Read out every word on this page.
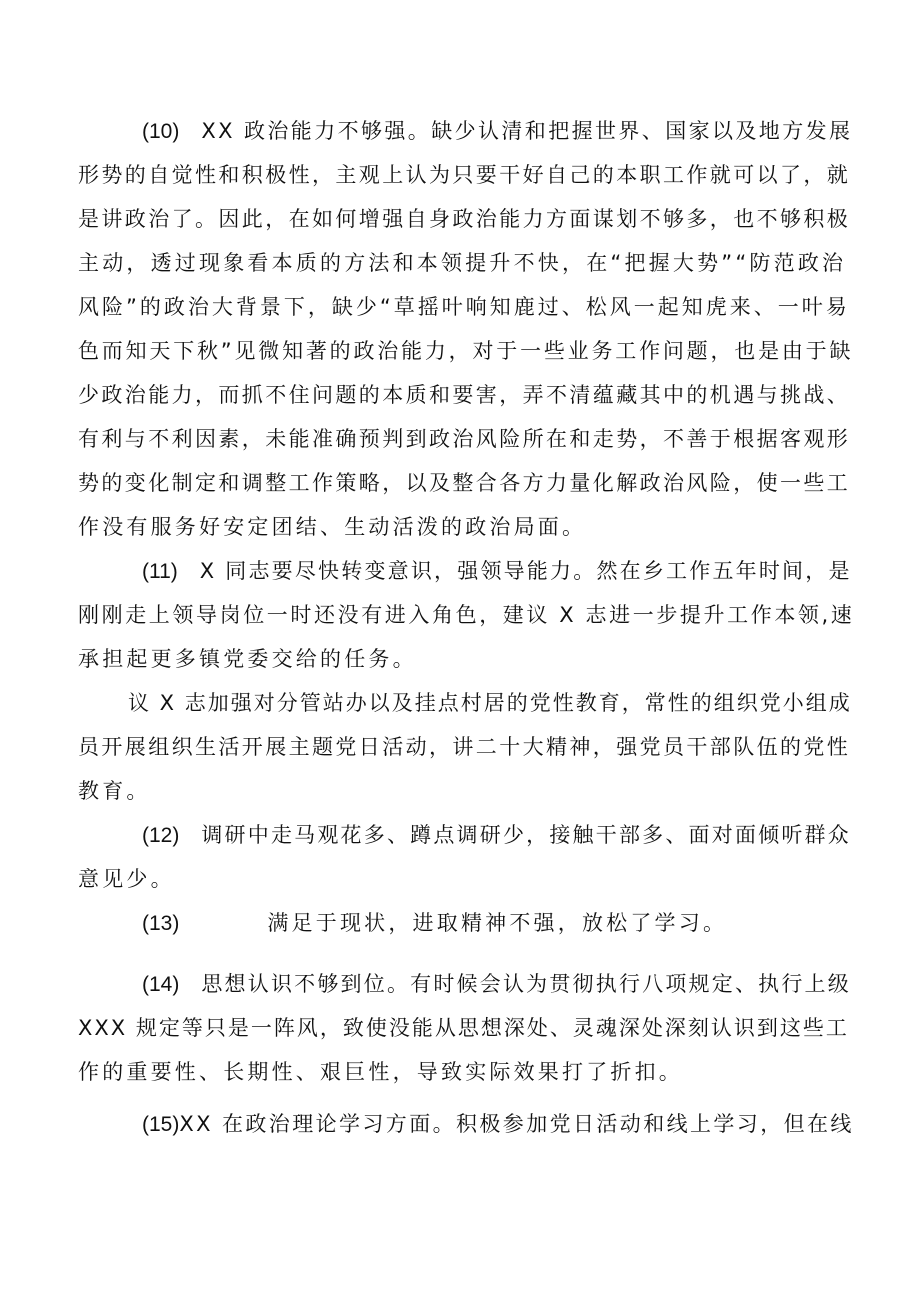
(10) XX 政治能力不够强。缺少认清和把握世界、国家以及地方发展
形势的自觉性和积极性，主观上认为只要干好自己的本职工作就可以了，就
是讲政治了。因此，在如何增强自身政治能力方面谋划不够多，也不够积极
主动，透过现象看本质的方法和本领提升不快，在“把握大势”“防范政治
风险”的政治大背景下，缺少“草摇叶响知鹿过、松风一起知虎来、一叶易
色而知天下秋”见微知著的政治能力，对于一些业务工作问题，也是由于缺
少政治能力，而抓不住问题的本质和要害，弄不清蕴藏其中的机遇与挑战、
有利与不利因素，未能准确预判到政治风险所在和走势，不善于根据客观形
势的变化制定和调整工作策略，以及整合各方力量化解政治风险，使一些工
作没有服务好安定团结、生动活泼的政治局面。
(11) X 同志要尽快转变意识，强领导能力。然在乡工作五年时间，是
刚刚走上领导岗位一时还没有进入角色，建议 X 志进一步提升工作本领,速
承担起更多镇党委交给的任务。
议 X 志加强对分管站办以及挂点村居的党性教育，常性的组织党小组成
员开展组织生活开展主题党日活动，讲二十大精神，强党员干部队伍的党性
教育。
(12) 调研中走马观花多、蹲点调研少，接触干部多、面对面倾听群众
意见少。
(13)	满足于现状，进取精神不强，放松了学习。
(14) 思想认识不够到位。有时候会认为贯彻执行八项规定、执行上级
XXX 规定等只是一阵风，致使没能从思想深处、灵魂深处深刻认识到这些工
作的重要性、长期性、艰巨性，导致实际效果打了折扣。
(15)XX 在政治理论学习方面。积极参加党日活动和线上学习，但在线
